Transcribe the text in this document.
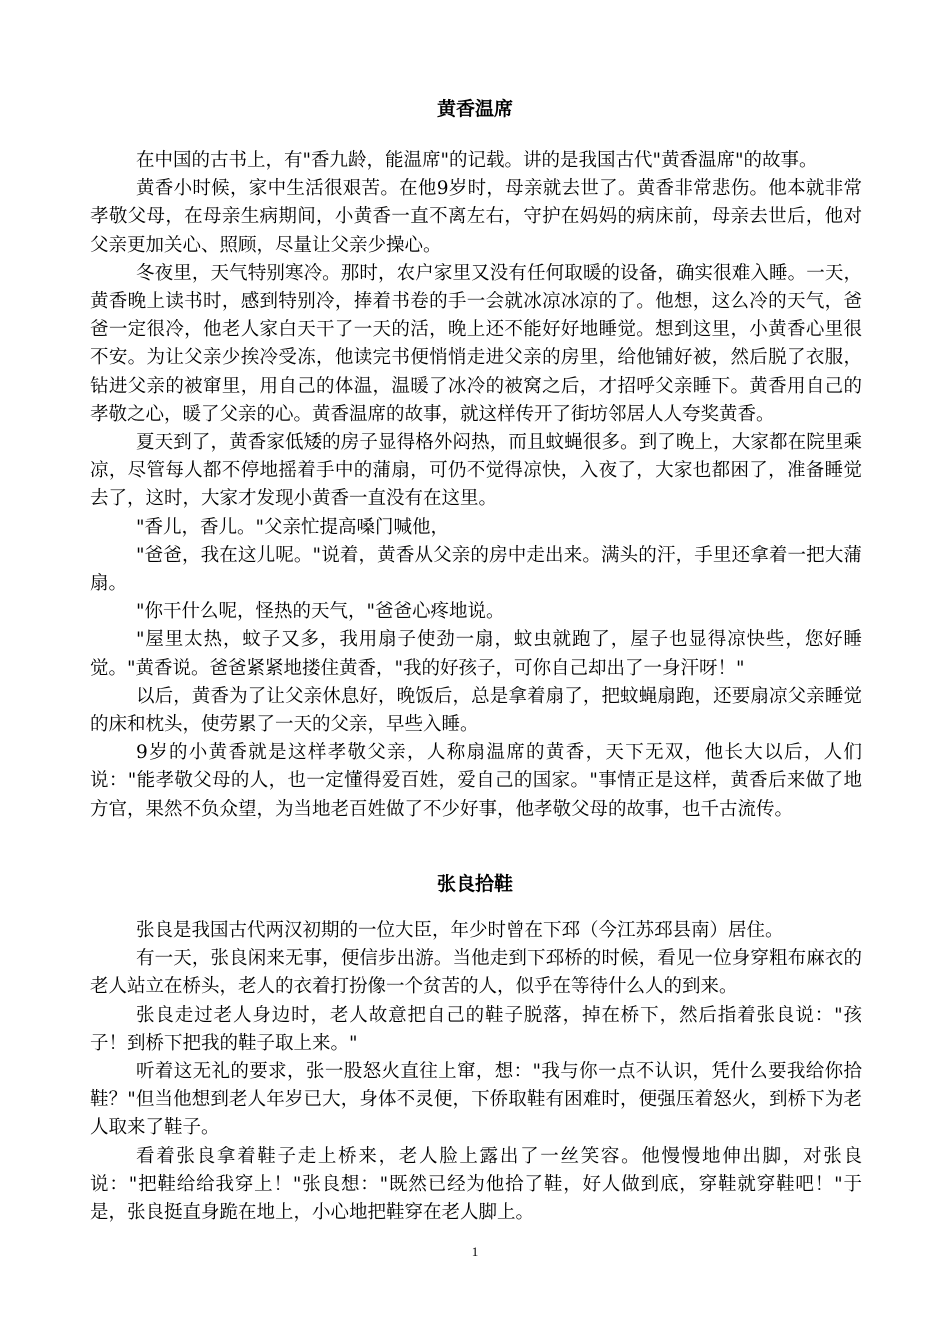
黄香温席

在中国的古书上，有"香九龄，能温席"的记载。讲的是我国古代"黄香温席"的故事。

黄香小时候，家中生活很艰苦。在他9岁时，母亲就去世了。黄香非常悲伤。他本就非常孝敬父母，在母亲生病期间，小黄香一直不离左右，守护在妈妈的病床前，母亲去世后，他对父亲更加关心、照顾，尽量让父亲少操心。

冬夜里，天气特别寒冷。那时，农户家里又没有任何取暖的设备，确实很难入睡。一天，黄香晚上读书时，感到特别冷，捧着书卷的手一会就冰凉冰凉的了。他想，这么冷的天气，爸爸一定很冷，他老人家白天干了一天的活，晚上还不能好好地睡觉。想到这里，小黄香心里很不安。为让父亲少挨冷受冻，他读完书便悄悄走进父亲的房里，给他铺好被，然后脱了衣服，钻进父亲的被窜里，用自己的体温，温暖了冰冷的被窝之后，才招呼父亲睡下。黄香用自己的孝敬之心，暖了父亲的心。黄香温席的故事，就这样传开了街坊邻居人人夸奖黄香。

夏天到了，黄香家低矮的房子显得格外闷热，而且蚊蝇很多。到了晚上，大家都在院里乘凉，尽管每人都不停地摇着手中的蒲扇，可仍不觉得凉快，入夜了，大家也都困了，准备睡觉去了，这时，大家才发现小黄香一直没有在这里。

"香儿，香儿。"父亲忙提高嗓门喊他，

"爸爸，我在这儿呢。"说着，黄香从父亲的房中走出来。满头的汗，手里还拿着一把大蒲扇。

"你干什么呢，怪热的天气，"爸爸心疼地说。

"屋里太热，蚊子又多，我用扇子使劲一扇，蚊虫就跑了，屋子也显得凉快些，您好睡觉。"黄香说。爸爸紧紧地搂住黄香，"我的好孩子，可你自己却出了一身汗呀！"

以后，黄香为了让父亲休息好，晚饭后，总是拿着扇了，把蚊蝇扇跑，还要扇凉父亲睡觉的床和枕头，使劳累了一天的父亲，早些入睡。

9岁的小黄香就是这样孝敬父亲，人称扇温席的黄香，天下无双，他长大以后，人们说："能孝敬父母的人，也一定懂得爱百姓，爱自己的国家。"事情正是这样，黄香后来做了地方官，果然不负众望，为当地老百姓做了不少好事，他孝敬父母的故事，也千古流传。

张良拾鞋

张良是我国古代两汉初期的一位大臣，年少时曾在下邳（今江苏邳县南）居住。

有一天，张良闲来无事，便信步出游。当他走到下邳桥的时候，看见一位身穿粗布麻衣的老人站立在桥头，老人的衣着打扮像一个贫苦的人，似乎在等待什么人的到来。

张良走过老人身边时，老人故意把自己的鞋子脱落，掉在桥下，然后指着张良说："孩子！到桥下把我的鞋子取上来。"

听着这无礼的要求，张一股怒火直往上窜，想："我与你一点不认识，凭什么要我给你拾鞋？"但当他想到老人年岁已大，身体不灵便，下侨取鞋有困难时，便强压着怒火，到桥下为老人取来了鞋子。

看着张良拿着鞋子走上桥来，老人脸上露出了一丝笑容。他慢慢地伸出脚，对张良说："把鞋给给我穿上！"张良想："既然已经为他拾了鞋，好人做到底，穿鞋就穿鞋吧！"于是，张良挺直身跪在地上，小心地把鞋穿在老人脚上。

1
